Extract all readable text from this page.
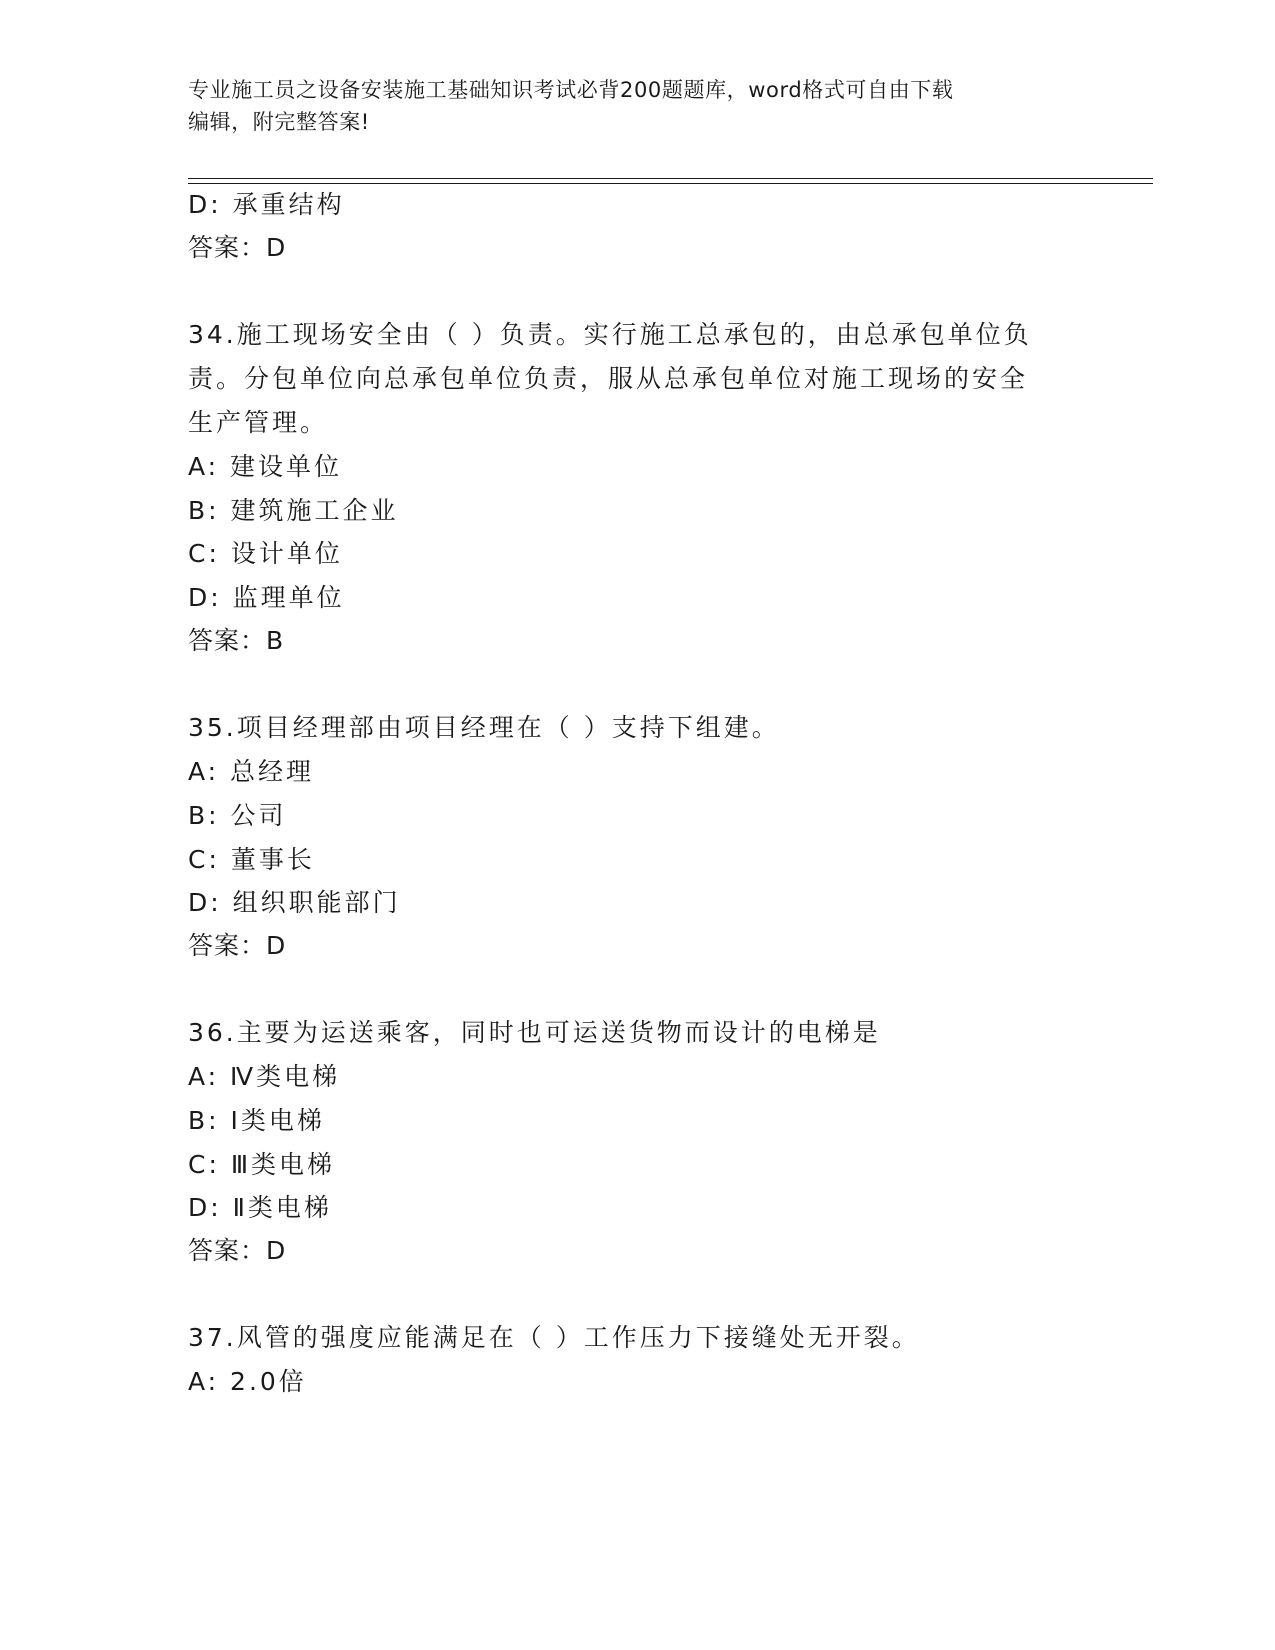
专业施工员之设备安装施工基础知识考试必背200题题库，word格式可自由下载
编辑，附完整答案!
D: 承重结构
答案：D
34.施工现场安全由（ ）负责。实行施工总承包的，由总承包单位负
责。分包单位向总承包单位负责，服从总承包单位对施工现场的安全
生产管理。
A: 建设单位
B: 建筑施工企业
C: 设计单位
D: 监理单位
答案：B
35.项目经理部由项目经理在（ ）支持下组建。
A: 总经理
B: 公司
C: 董事长
D: 组织职能部门
答案：D
36.主要为运送乘客，同时也可运送货物而设计的电梯是
A: Ⅳ类电梯
B: Ⅰ类电梯
C: Ⅲ类电梯
D: Ⅱ类电梯
答案：D
37.风管的强度应能满足在（ ）工作压力下接缝处无开裂。
A: 2.0倍
